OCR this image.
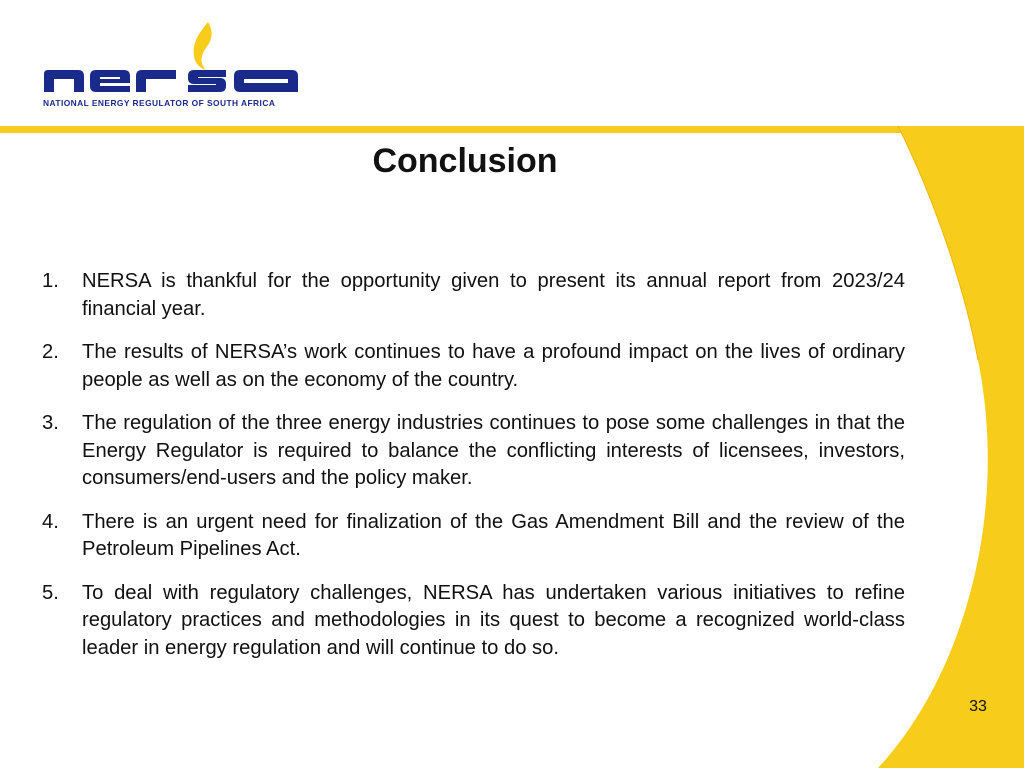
NATIONAL ENERGY REGULATOR OF SOUTH AFRICA
Conclusion
1.	NERSA is thankful for the opportunity given to present its annual report from 2023/24 financial year.
2.	The results of NERSA’s work continues to have a profound impact on the lives of ordinary people as well as on the economy of the country.
3.	The regulation of the three energy industries continues to pose some challenges in that the Energy Regulator is required to balance the conflicting interests of licensees, investors, consumers/end-users and the policy maker.
4.	There is an urgent need for finalization of the Gas Amendment Bill and the review of the Petroleum Pipelines Act.
5.	To deal with regulatory challenges, NERSA has undertaken various initiatives to refine regulatory practices and methodologies in its quest to become a recognized world-class leader in energy regulation and will continue to do so.
33
